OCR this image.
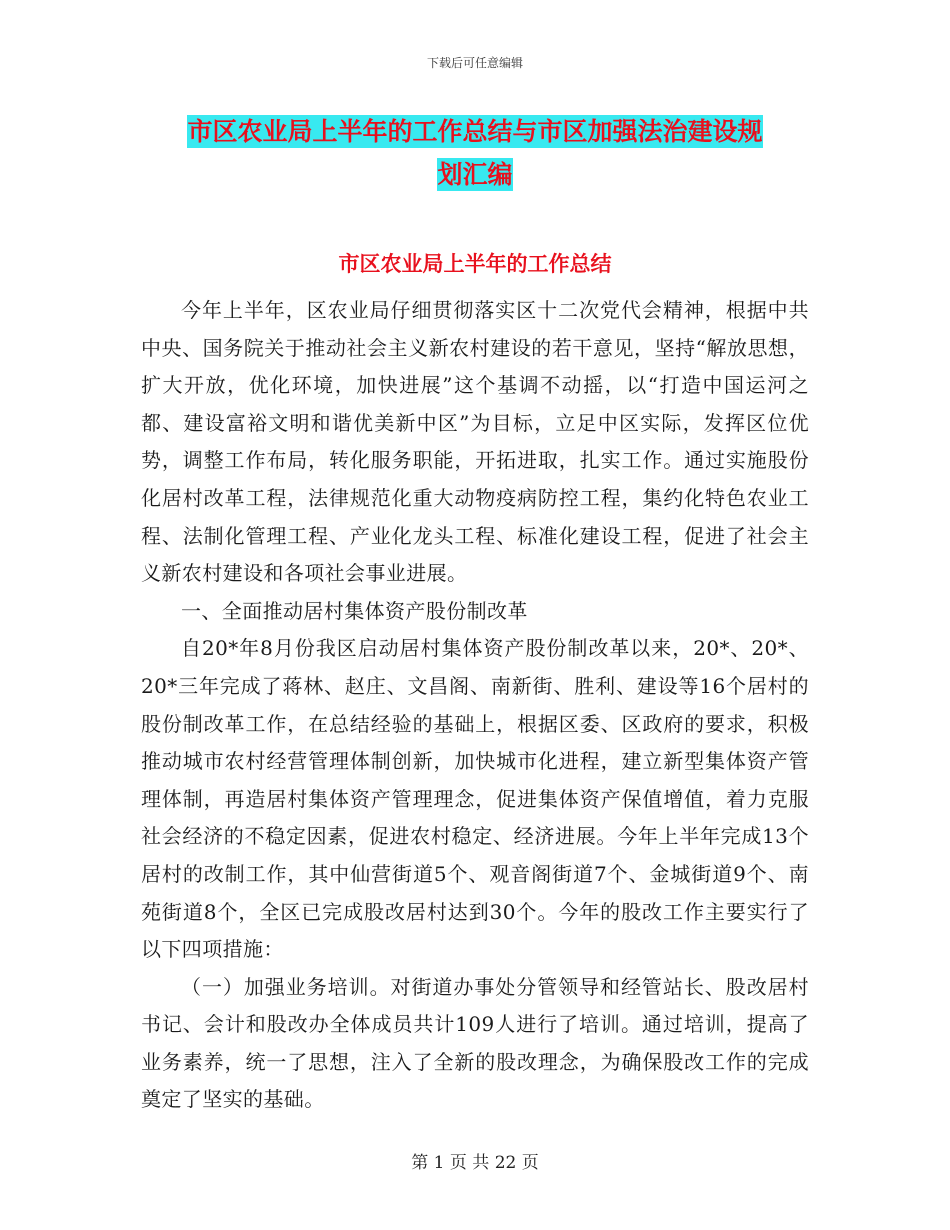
下载后可任意编辑
市区农业局上半年的工作总结与市区加强法治建设规
划汇编
市区农业局上半年的工作总结

今年上半年，区农业局仔细贯彻落实区十二次党代会精神，根据中共中央、国务院关于推动社会主义新农村建设的若干意见，坚持“解放思想，扩大开放，优化环境，加快进展”这个基调不动摇，以“打造中国运河之都、建设富裕文明和谐优美新中区”为目标，立足中区实际，发挥区位优势，调整工作布局，转化服务职能，开拓进取，扎实工作。通过实施股份化居村改革工程，法律规范化重大动物疫病防控工程，集约化特色农业工程、法制化管理工程、产业化龙头工程、标准化建设工程，促进了社会主义新农村建设和各项社会事业进展。

一、全面推动居村集体资产股份制改革

自20*年8月份我区启动居村集体资产股份制改革以来，20*、20*、20*三年完成了蒋林、赵庄、文昌阁、南新街、胜利、建设等16个居村的股份制改革工作，在总结经验的基础上，根据区委、区政府的要求，积极推动城市农村经营管理体制创新，加快城市化进程，建立新型集体资产管理体制，再造居村集体资产管理理念，促进集体资产保值增值，着力克服社会经济的不稳定因素，促进农村稳定、经济进展。今年上半年完成13个居村的改制工作，其中仙营街道5个、观音阁街道7个、金城街道9个、南苑街道8个，全区已完成股改居村达到30个。今年的股改工作主要实行了以下四项措施：

（一）加强业务培训。对街道办事处分管领导和经管站长、股改居村书记、会计和股改办全体成员共计109人进行了培训。通过培训，提高了业务素养，统一了思想，注入了全新的股改理念，为确保股改工作的完成奠定了坚实的基础。

第 1 页 共 22 页
